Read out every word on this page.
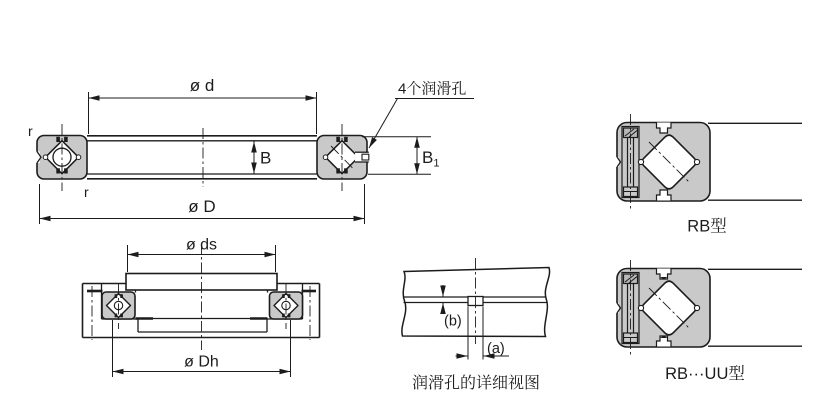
ø d
ø D
B	$B_1$
4个润滑孔
r
r
ø ds
ø Dh
(b)
(a)
润滑孔的详细视图
RB型
RB···UU型
